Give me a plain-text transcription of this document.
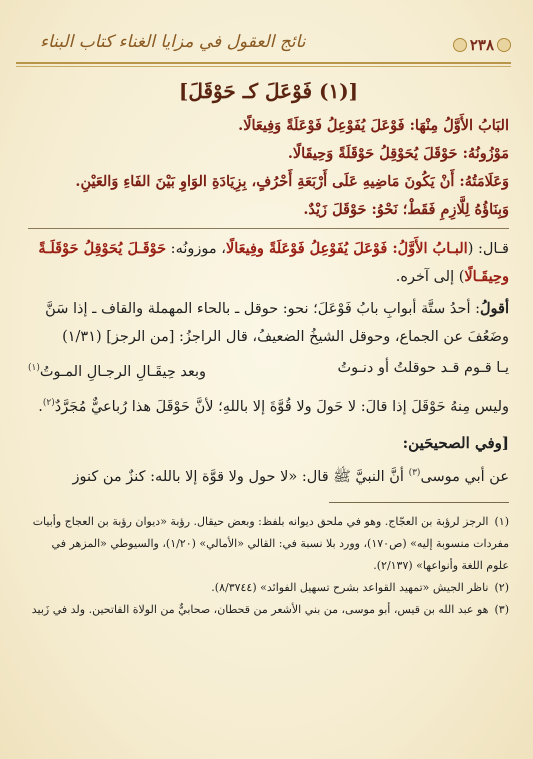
٢٣٨
نائج العقول في مزايا الغناء كتاب البناء
[(١) فَوْعَلَ كـ حَوْقَلَ]

البَابُ الأَوَّلُ مِنْهَا: فَوْعَلَ يُفَوْعِلُ فَوْعَلَةً وَفِيعَالًا.

مَوْزُونُهُ: حَوْقَلَ يُحَوْقِلُ حَوْقَلَةً وَحِيقَالًا.

وَعَلَامَتُهُ: أَنْ يَكُونَ مَاضِيهِ عَلَى أَرْبَعَةِ أَحْرُفٍ، بِزِيَادَةِ الوَاوِ بَيْنَ الفَاءِ وَالعَيْنِ.

وَبِنَاؤُهُ لِلَّازِمِ فَقَطْ؛ نَحْوُ: حَوْقَلَ زَيْدٌ.

قـال: (البـابُ الأَوَّلُ: فَوْعَلَ يُفَوْعِلُ فَوْعَلَةً وفِيعَالًا، موزونُه: حَوْقَـلَ يُحَوْقِلُ حَوْقَلَـةً وحِيقَـالًا) إلى آخره.

أقولُ: أحدُ ستَّة أبوابِ بابُ فَوْعَلَ؛ نحو: حوقل ـ بالحاء المهملة والقاف ـ إذا سَنَّ وضَعُفَ عن الجماع، وحوقل الشيخُ الضعيفُ، قال الراجزُ: [من الرجز] (١/٣١)

يـا قـوم قـد حوقلتُ أو دنـوتُ
وبعد حِيقَـالِ الرجـالِ المـوتُ$^{(١)}$

وليس مِنهُ حَوْقَلَ إذا قالَ: لا حَولَ ولا قُوَّةَ إلا باللهِ؛ لأنَّ حَوْقَلَ هذا رُباعيٌّ مُجَرَّدٌ$^{(٢)}$.

[وفي الصحيحَين:

عن أبي موسى$^{(٣)}$ أنَّ النبيَّ ﷺ قال: «لا حول ولا قوَّة إلا بالله: كنزٌ من كنوز

(١)الرجز لرؤبة بن العجّاج. وهو في ملحق ديوانه بلفظ: وبعض حيقال. رؤبة «ديوان رؤبة بن العجاج وأبيات مفردات منسوبة إليه» (ص١٧٠)، وورد بلا نسبة في: القالي «الأمالي» (١/٢٠)، والسيوطي «المزهر في علوم اللغة وأنواعها» (٢/١٣٧).

(٢)ناظر الجيش «تمهيد القواعد بشرح تسهيل الفوائد» (٨/٣٧٤٤).

(٣)هو عبد الله بن قيس، أبو موسى، من بني الأشعر من قحطان، صحابيٌّ من الولاة الفاتحين. ولد في زَبيد
